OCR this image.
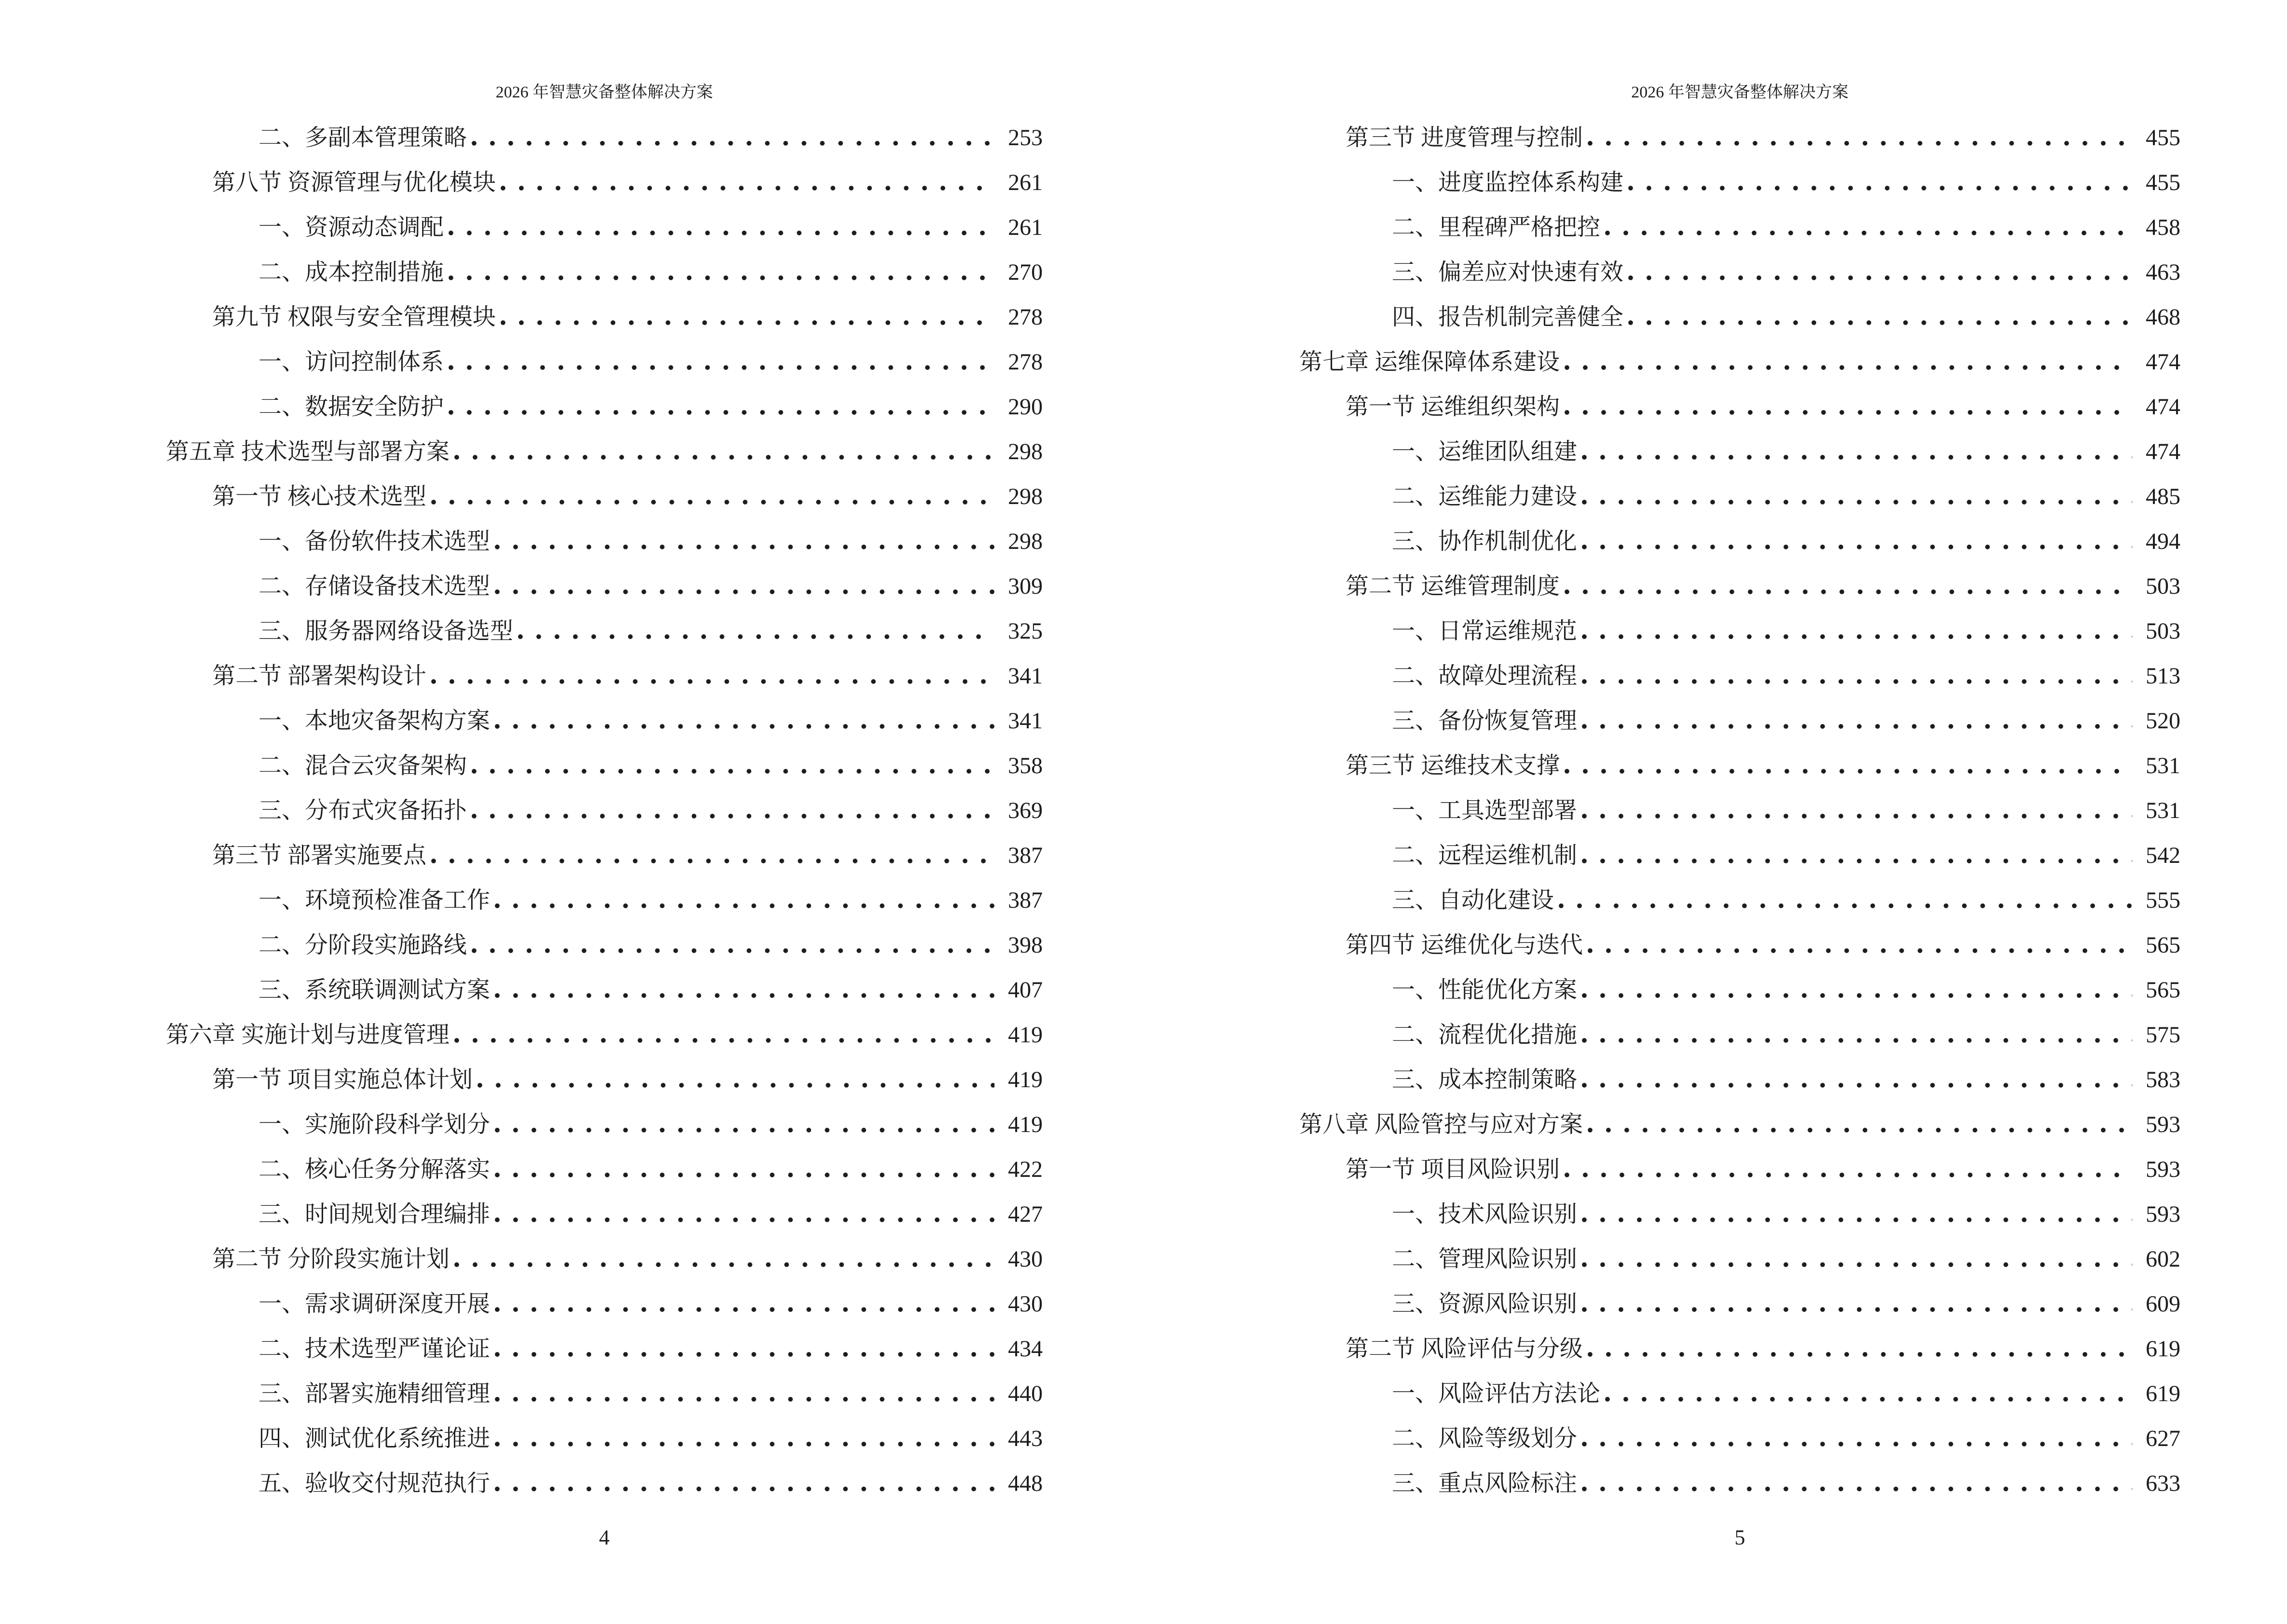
2026 年智慧灾备整体解决方案
二、多副本管理策略	253
第八节 资源管理与优化模块	261
一、资源动态调配	261
二、成本控制措施	270
第九节 权限与安全管理模块	278
一、访问控制体系	278
二、数据安全防护	290
第五章 技术选型与部署方案	298
第一节 核心技术选型	298
一、备份软件技术选型	298
二、存储设备技术选型	309
三、服务器网络设备选型	325
第二节 部署架构设计	341
一、本地灾备架构方案	341
二、混合云灾备架构	358
三、分布式灾备拓扑	369
第三节 部署实施要点	387
一、环境预检准备工作	387
二、分阶段实施路线	398
三、系统联调测试方案	407
第六章 实施计划与进度管理	419
第一节 项目实施总体计划	419
一、实施阶段科学划分	419
二、核心任务分解落实	422
三、时间规划合理编排	427
第二节 分阶段实施计划	430
一、需求调研深度开展	430
二、技术选型严谨论证	434
三、部署实施精细管理	440
四、测试优化系统推进	443
五、验收交付规范执行	448
4
2026 年智慧灾备整体解决方案
第三节 进度管理与控制	455
一、进度监控体系构建	455
二、里程碑严格把控	458
三、偏差应对快速有效	463
四、报告机制完善健全	468
第七章 运维保障体系建设	474
第一节 运维组织架构	474
一、运维团队组建	474
二、运维能力建设	485
三、协作机制优化	494
第二节 运维管理制度	503
一、日常运维规范	503
二、故障处理流程	513
三、备份恢复管理	520
第三节 运维技术支撑	531
一、工具选型部署	531
二、远程运维机制	542
三、自动化建设	555
第四节 运维优化与迭代	565
一、性能优化方案	565
二、流程优化措施	575
三、成本控制策略	583
第八章 风险管控与应对方案	593
第一节 项目风险识别	593
一、技术风险识别	593
二、管理风险识别	602
三、资源风险识别	609
第二节 风险评估与分级	619
一、风险评估方法论	619
二、风险等级划分	627
三、重点风险标注	633
5
